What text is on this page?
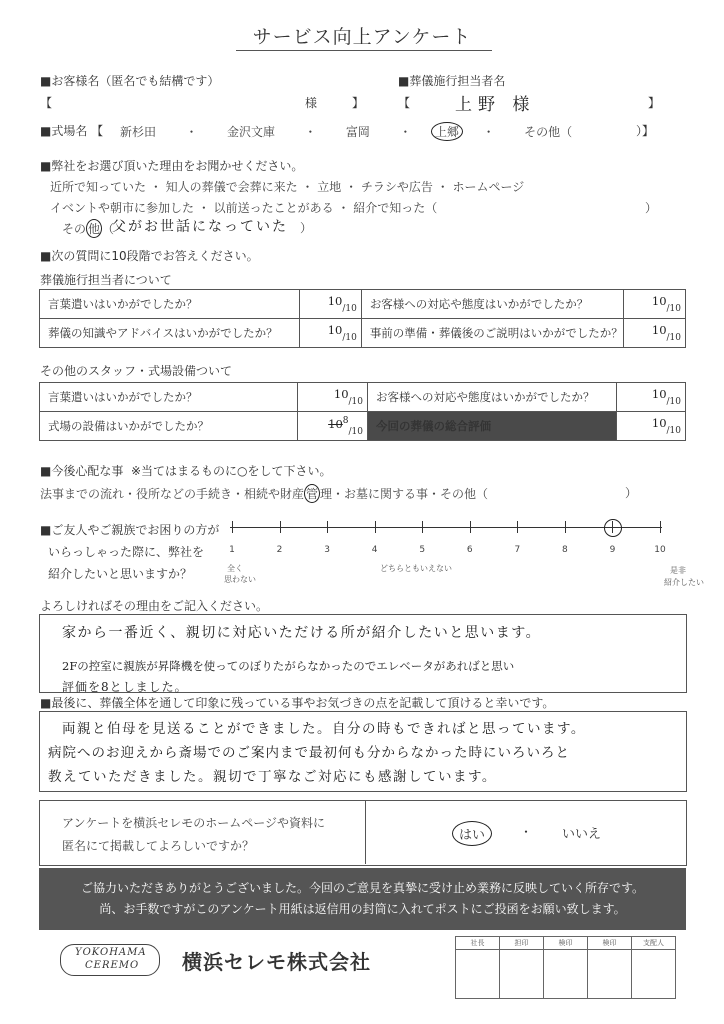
サービス向上アンケート
■お客様名（匿名でも結構です）
【	様	】
■葬儀施行担当者名
【	上野 様	】
■式場名 【 新杉田 ・ 金沢文庫 ・ 富岡 ・ 上郷 ・ その他（	）】
■弊社をお選び頂いた理由をお聞かせください。
近所で知っていた ・ 知人の葬儀で会葬に来た ・ 立地 ・ チラシや広告 ・ ホームページ
イベントや朝市に参加した ・ 以前送ったことがある ・ 紹介で知った（	）
その 他 （
父がお世話になっていた ）
■次の質問に10段階でお答えください。
葬儀施行担当者について
言葉遣いはいかがでしたか？	$10_{/10}$	お客様への対応や態度はいかがでしたか？	$10_{/10}$
葬儀の知識やアドバイスはいかがでしたか？	$10_{/10}$	事前の準備・葬儀後のご説明はいかがでしたか？	$10_{/10}$
その他のスタッフ・式場設備ついて
言葉遣いはいかがでしたか？	$10_{/10}$	お客様への対応や態度はいかがでしたか？	$10_{/10}$
式場の設備はいかがでしたか？	$10^8_{/10}$	今回の葬儀の総合評価	$10_{/10}$
■今後心配な事 ※当てはまるものに○をして下さい。
法事までの流れ・役所などの手続き・相続や財産 管 理・お墓に関する事・その他（	）
■ご友人やご親族でお困りの方が
いらっしゃった際に、弊社を
紹介したいと思いますか？
1	2	3	4	5	6	7	8	9	10
全く
思わない
どちらともいえない	是非
紹介したい
よろしければその理由をご記入ください。
家から一番近く、親切に対応いただける所が紹介したいと思います。
2Fの控室に親族が昇降機を使ってのぼりたがらなかったのでエレベータがあればと思い
評価を8としました。
■最後に、葬儀全体を通して印象に残っている事やお気づきの点を記載して頂けると幸いです。
両親と伯母を見送ることができました。自分の時もできればと思っています。
病院へのお迎えから斎場でのご案内まで最初何も分からなかった時にいろいろと
教えていただきました。親切で丁寧なご対応にも感謝しています。
アンケートを横浜セレモのホームページや資料に
匿名にて掲載してよろしいですか？
はい	・ いいえ
ご協力いただきありがとうございました。今回のご意見を真摯に受け止め業務に反映していく所存です。
尚、お手数ですがこのアンケート用紙は返信用の封筒に入れてポストにご投函をお願い致します。
YOKOHAMA
CEREMO 横浜セレモ株式会社
社長	担印	検印	検印	支配人
